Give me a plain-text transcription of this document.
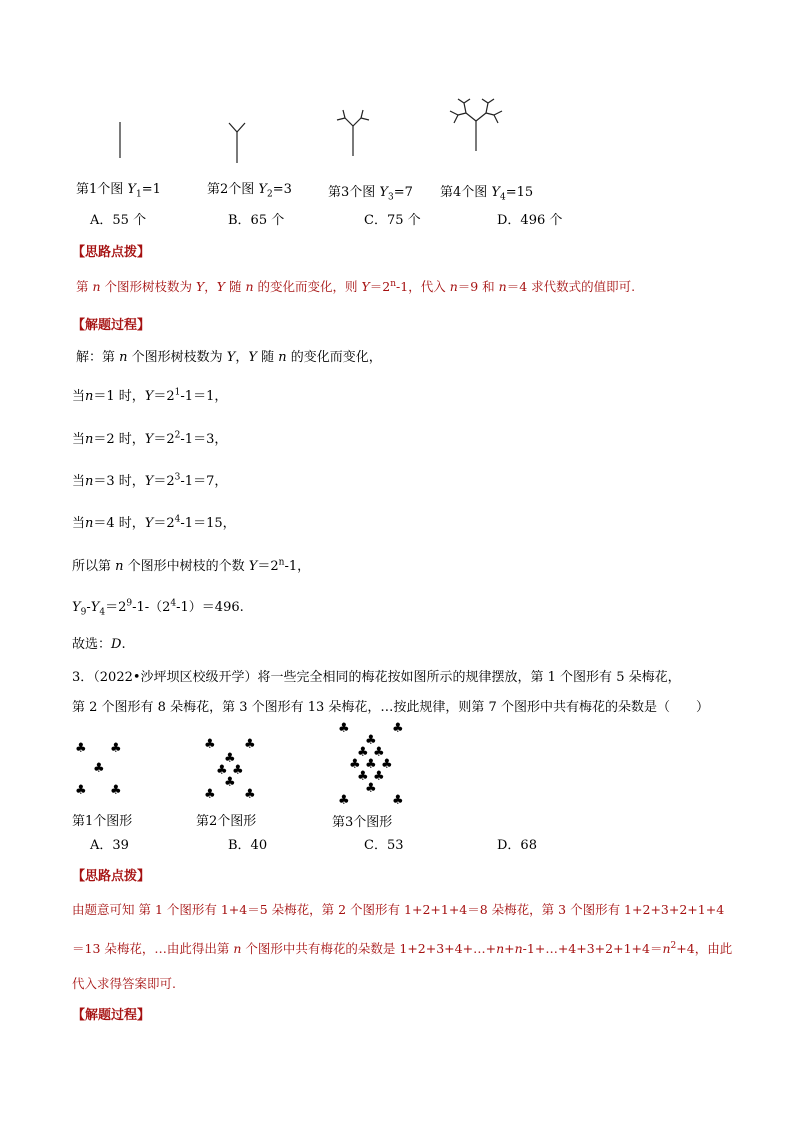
第1个图 $Y_1=1$	第2个图 $Y_2=3$	第3个图 $Y_3=7$ 第4个图 $Y_4=15$
A．55 个	B．65 个	C．75 个	D．496 个
【思路点拨】
第 n 个图形树枝数为 Y，Y 随 n 的变化而变化，则 $Y=2^n-1$，代入 n＝9 和 n＝4 求代数式的值即可.
【解题过程】
解：第 n 个图形树枝数为 Y，Y 随 n 的变化而变化，
当n＝1 时，$Y=2^1-1=1$，
当n＝2 时，$Y=2^2-1=3$，
当n＝3 时，$Y=2^3-1=7$，
当n＝4 时，$Y=2^4-1=15$，
所以第 n 个图形中树枝的个数 $Y=2^n-1$，
$Y_9-Y_4=2^9-1-(2^4-1)=496$.
故选：D.
3．（2022•沙坪坝区校级开学）将一些完全相同的梅花按如图所示的规律摆放，第 1 个图形有 5 朵梅花，
第 2 个图形有 8 朵梅花，第 3 个图形有 13 朵梅花，…按此规律，则第 7 个图形中共有梅花的朵数是（　　）
♣ ♣
♣
♣ ♣
♣ ♣
♣
♣ ♣
♣
♣ ♣
♣	♣
♣
♣ ♣
♣ ♣ ♣
♣ ♣
♣
♣	♣
第1个图形	第2个图形	第3个图形
A．39	B．40	C．53	D．68
【思路点拨】
由题意可知 第 1 个图形有 1+4＝5 朵梅花，第 2 个图形有 1+2+1+4＝8 朵梅花，第 3 个图形有 1+2+3+2+1+4
＝13 朵梅花，…由此得出第 n 个图形中共有梅花的朵数是 $1+2+3+4+\dots+n+n-1+\dots+4+3+2+1+4=n^2+4$，由此
代入求得答案即可.
【解题过程】
